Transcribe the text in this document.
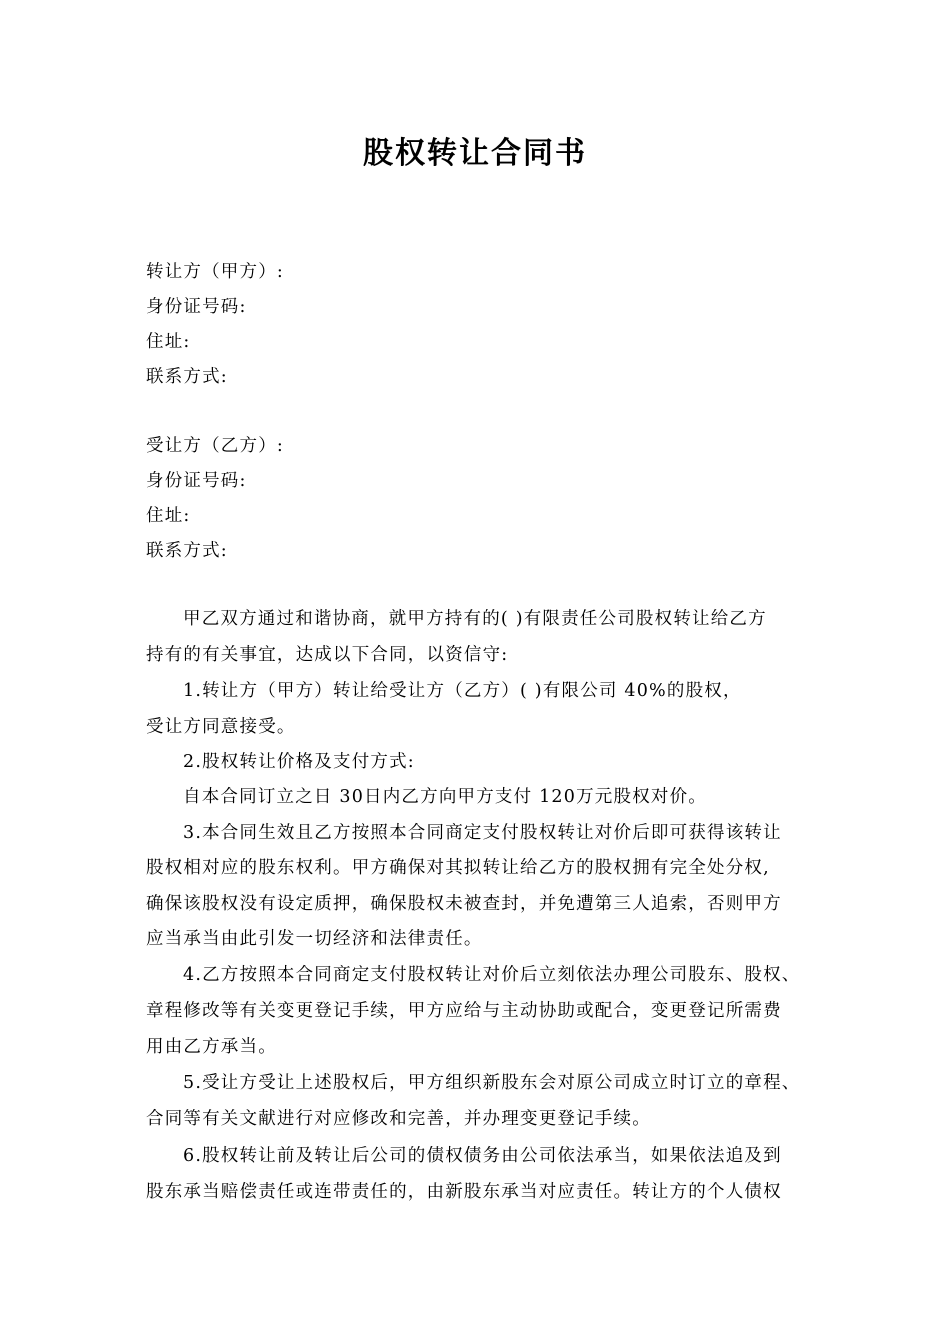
股权转让合同书
转让方（甲方）:
身份证号码:
住址:
联系方式:
受让方（乙方）:
身份证号码:
住址:
联系方式:
甲乙双方通过和谐协商，就甲方持有的( )有限责任公司股权转让给乙方
持有的有关事宜，达成以下合同，以资信守:
1.转让方（甲方）转让给受让方（乙方）( )有限公司 40%的股权，
受让方同意接受。
2.股权转让价格及支付方式:
自本合同订立之日 30日内乙方向甲方支付 120万元股权对价。
3.本合同生效且乙方按照本合同商定支付股权转让对价后即可获得该转让
股权相对应的股东权利。甲方确保对其拟转让给乙方的股权拥有完全处分权,
确保该股权没有设定质押，确保股权未被查封，并免遭第三人追索，否则甲方
应当承当由此引发一切经济和法律责任。
4.乙方按照本合同商定支付股权转让对价后立刻依法办理公司股东、股权、
章程修改等有关变更登记手续，甲方应给与主动协助或配合，变更登记所需费
用由乙方承当。
5.受让方受让上述股权后，甲方组织新股东会对原公司成立时订立的章程、
合同等有关文献进行对应修改和完善，并办理变更登记手续。
6.股权转让前及转让后公司的债权债务由公司依法承当，如果依法追及到
股东承当赔偿责任或连带责任的，由新股东承当对应责任。转让方的个人债权
